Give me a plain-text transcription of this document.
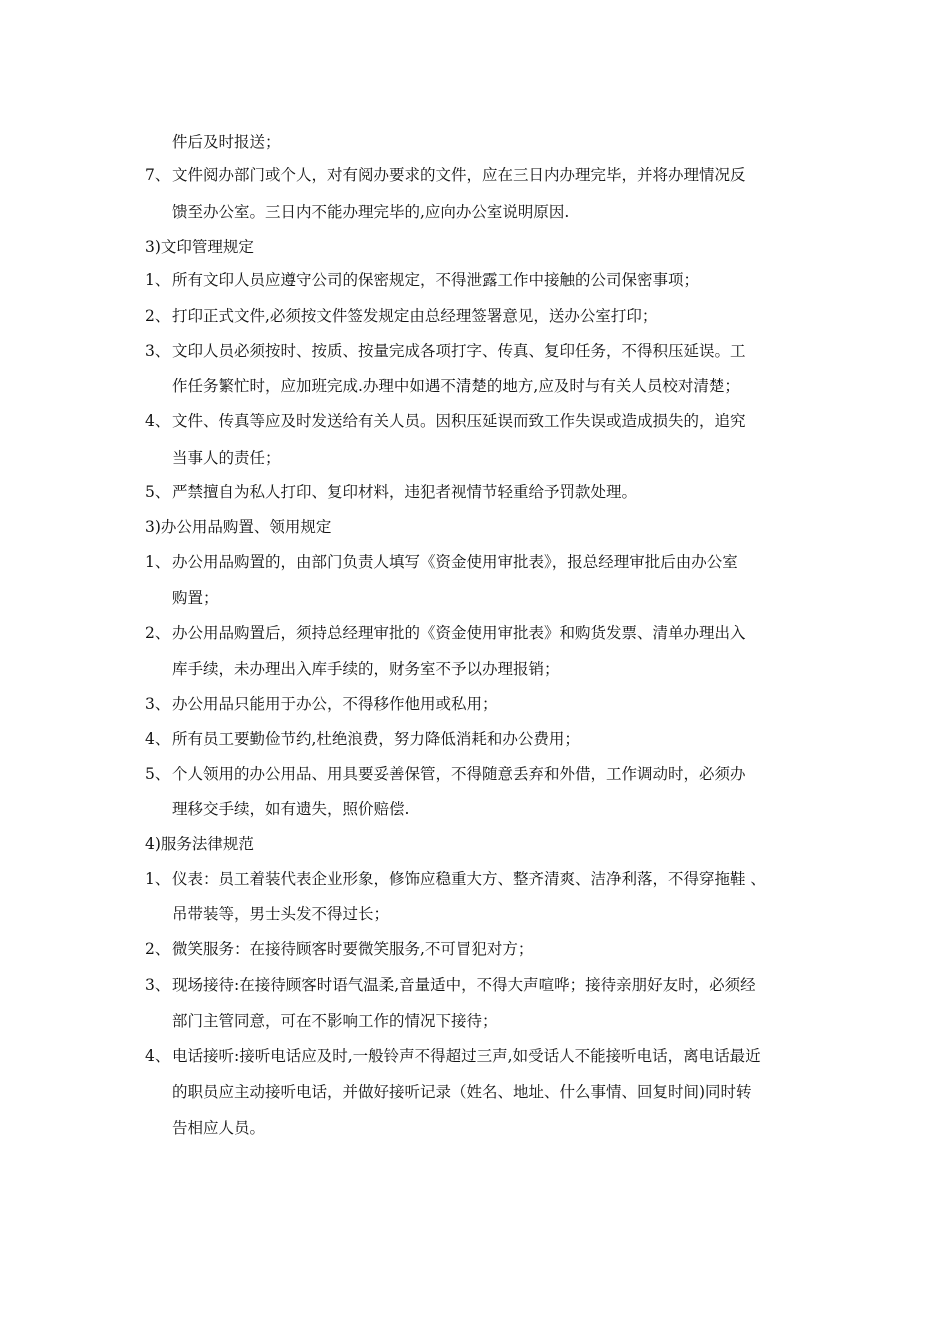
件后及时报送；
7、 文件阅办部门或个人，对有阅办要求的文件，应在三日内办理完毕，并将办理情况反
馈至办公室。三日内不能办理完毕的,应向办公室说明原因.
3)文印管理规定
1、 所有文印人员应遵守公司的保密规定，不得泄露工作中接触的公司保密事项；
2、 打印正式文件,必须按文件签发规定由总经理签署意见，送办公室打印；
3、 文印人员必须按时、按质、按量完成各项打字、传真、复印任务，不得积压延误。工
作任务繁忙时，应加班完成.办理中如遇不清楚的地方,应及时与有关人员校对清楚；
4、 文件、传真等应及时发送给有关人员。因积压延误而致工作失误或造成损失的，追究
当事人的责任；
5、 严禁擅自为私人打印、复印材料，违犯者视情节轻重给予罚款处理。
3)办公用品购置、领用规定
1、 办公用品购置的，由部门负责人填写《资金使用审批表》，报总经理审批后由办公室
购置；
2、 办公用品购置后，须持总经理审批的《资金使用审批表》和购货发票、清单办理出入
库手续，未办理出入库手续的，财务室不予以办理报销；
3、 办公用品只能用于办公，不得移作他用或私用；
4、 所有员工要勤俭节约,杜绝浪费，努力降低消耗和办公费用；
5、 个人领用的办公用品、用具要妥善保管，不得随意丢弃和外借，工作调动时，必须办
理移交手续，如有遗失，照价赔偿.
4)服务法律规范
1、 仪表：员工着装代表企业形象，修饰应稳重大方、整齐清爽、洁净利落，不得穿拖鞋 、
吊带装等，男士头发不得过长；
2、 微笑服务：在接待顾客时要微笑服务,不可冒犯对方；
3、 现场接待:在接待顾客时语气温柔,音量适中，不得大声喧哗；接待亲朋好友时，必须经
部门主管同意，可在不影响工作的情况下接待；
4、 电话接听:接听电话应及时,一般铃声不得超过三声,如受话人不能接听电话，离电话最近
的职员应主动接听电话，并做好接听记录（姓名、地址、什么事情、回复时间)同时转
告相应人员。
